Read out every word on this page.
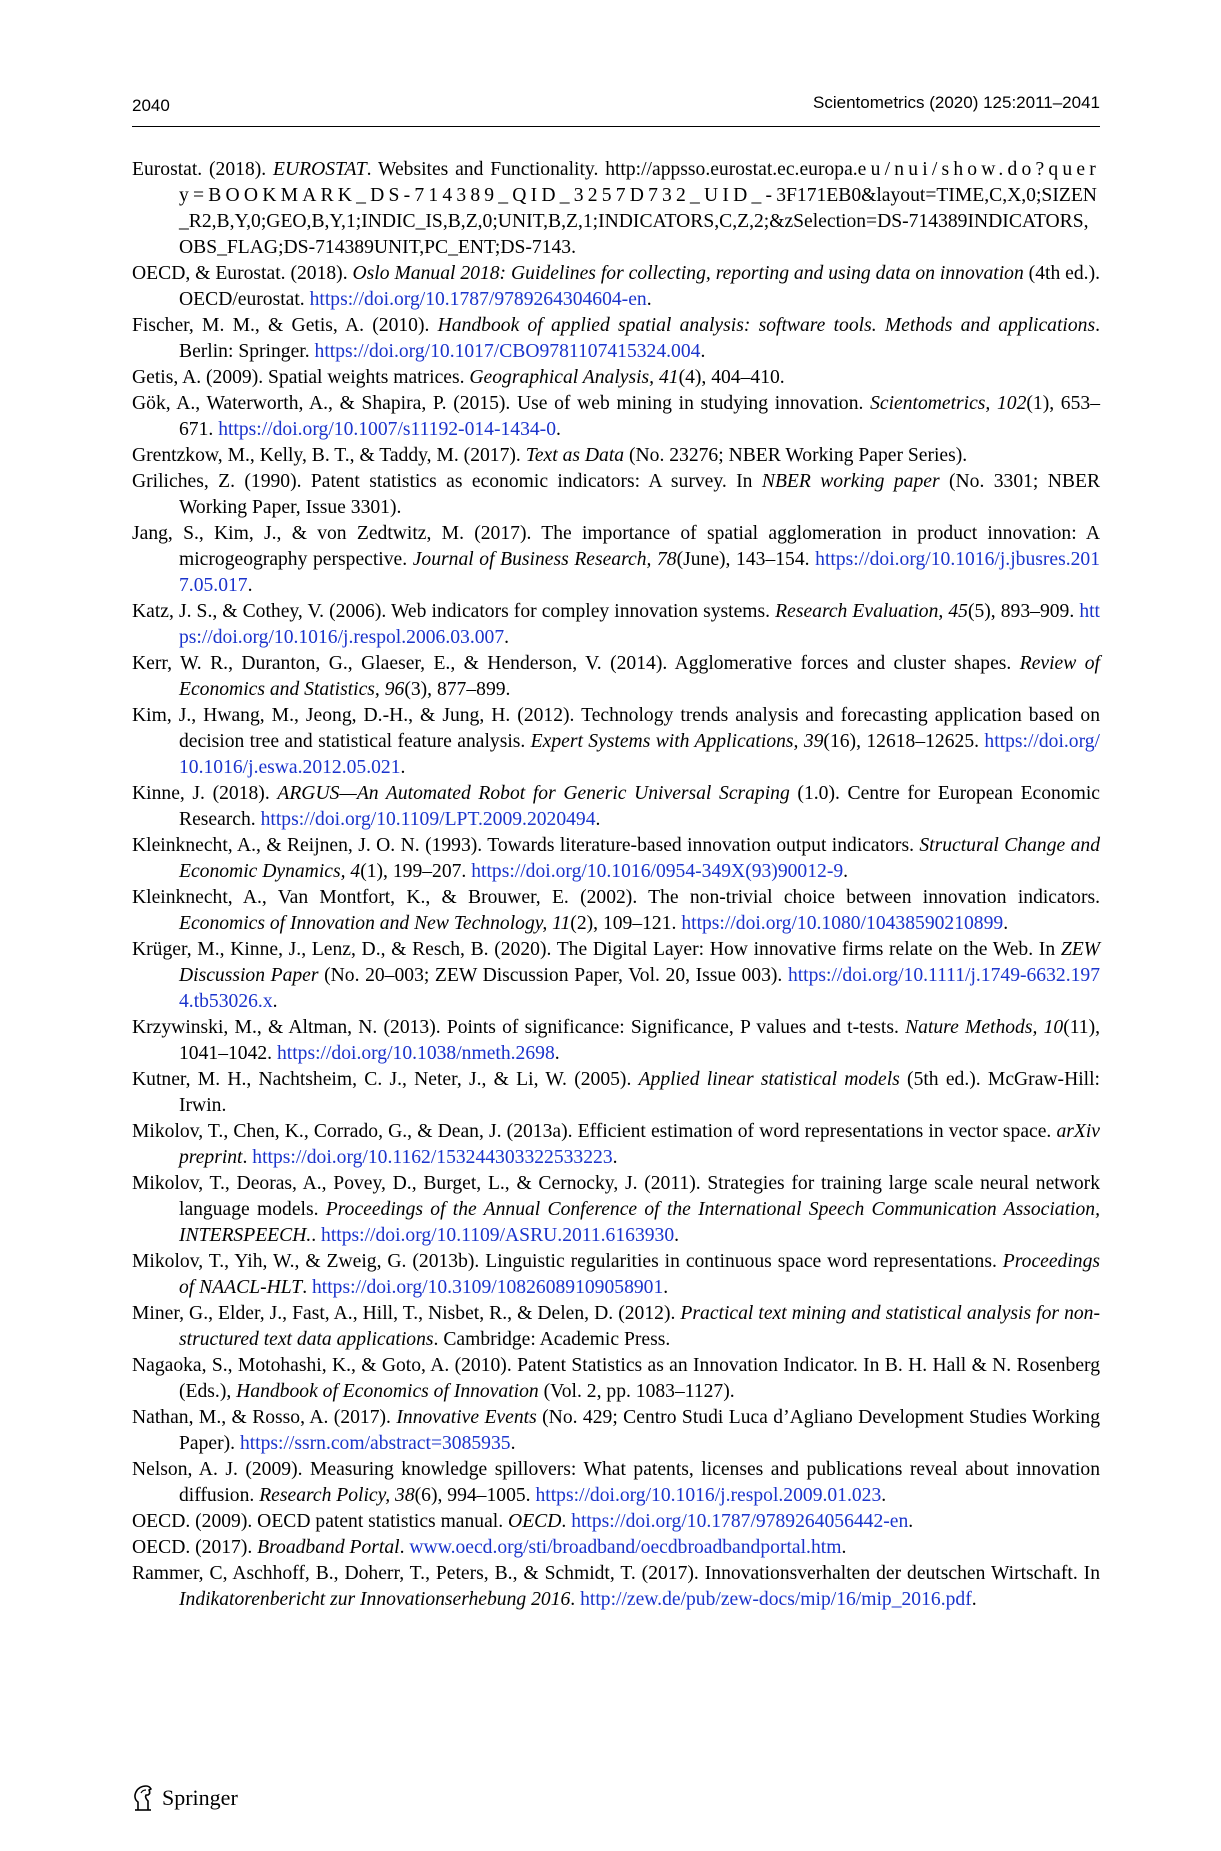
2040	Scientometrics (2020) 125:2011–2041

Eurostat. (2018). EUROSTAT. Websites and Functionality. http://appsso.eurostat.ec.europa.eu/nui/show.do?query=BOOKMARK_DS-714389_QID_3257D732_UID_-3F171EB0&layout=TIME,C,X,0;SIZEN_R2,B,Y,0;GEO,B,Y,1;INDIC_IS,B,Z,0;UNIT,B,Z,1;INDICATORS,C,Z,2;&zSelection=DS-714389INDICATORS,OBS_FLAG;DS-714389UNIT,PC_ENT;DS-7143.

OECD, & Eurostat. (2018). Oslo Manual 2018: Guidelines for collecting, reporting and using data on innovation (4th ed.). OECD/eurostat. https://doi.org/10.1787/9789264304604-en.

Fischer, M. M., & Getis, A. (2010). Handbook of applied spatial analysis: software tools. Methods and applications. Berlin: Springer. https://doi.org/10.1017/CBO9781107415324.004.

Getis, A. (2009). Spatial weights matrices. Geographical Analysis, 41(4), 404–410.

Gök, A., Waterworth, A., & Shapira, P. (2015). Use of web mining in studying innovation. Scientometrics, 102(1), 653–671. https://doi.org/10.1007/s11192-014-1434-0.

Grentzkow, M., Kelly, B. T., & Taddy, M. (2017). Text as Data (No. 23276; NBER Working Paper Series).

Griliches, Z. (1990). Patent statistics as economic indicators: A survey. In NBER working paper (No. 3301; NBER Working Paper, Issue 3301).

Jang, S., Kim, J., & von Zedtwitz, M. (2017). The importance of spatial agglomeration in product innovation: A microgeography perspective. Journal of Business Research, 78(June), 143–154. https://doi.org/10.1016/j.jbusres.2017.05.017.

Katz, J. S., & Cothey, V. (2006). Web indicators for compley innovation systems. Research Evaluation, 45(5), 893–909. https://doi.org/10.1016/j.respol.2006.03.007.

Kerr, W. R., Duranton, G., Glaeser, E., & Henderson, V. (2014). Agglomerative forces and cluster shapes. Review of Economics and Statistics, 96(3), 877–899.

Kim, J., Hwang, M., Jeong, D.-H., & Jung, H. (2012). Technology trends analysis and forecasting application based on decision tree and statistical feature analysis. Expert Systems with Applications, 39(16), 12618–12625. https://doi.org/10.1016/j.eswa.2012.05.021.

Kinne, J. (2018). ARGUS—An Automated Robot for Generic Universal Scraping (1.0). Centre for European Economic Research. https://doi.org/10.1109/LPT.2009.2020494.

Kleinknecht, A., & Reijnen, J. O. N. (1993). Towards literature-based innovation output indicators. Structural Change and Economic Dynamics, 4(1), 199–207. https://doi.org/10.1016/0954-349X(93)90012-9.

Kleinknecht, A., Van Montfort, K., & Brouwer, E. (2002). The non-trivial choice between innovation indicators. Economics of Innovation and New Technology, 11(2), 109–121. https://doi.org/10.1080/10438590210899.

Krüger, M., Kinne, J., Lenz, D., & Resch, B. (2020). The Digital Layer: How innovative firms relate on the Web. In ZEW Discussion Paper (No. 20–003; ZEW Discussion Paper, Vol. 20, Issue 003). https://doi.org/10.1111/j.1749-6632.1974.tb53026.x.

Krzywinski, M., & Altman, N. (2013). Points of significance: Significance, P values and t-tests. Nature Methods, 10(11), 1041–1042. https://doi.org/10.1038/nmeth.2698.

Kutner, M. H., Nachtsheim, C. J., Neter, J., & Li, W. (2005). Applied linear statistical models (5th ed.). McGraw-Hill: Irwin.

Mikolov, T., Chen, K., Corrado, G., & Dean, J. (2013a). Efficient estimation of word representations in vector space. arXiv preprint. https://doi.org/10.1162/153244303322533223.

Mikolov, T., Deoras, A., Povey, D., Burget, L., & Cernocky, J. (2011). Strategies for training large scale neural network language models. Proceedings of the Annual Conference of the International Speech Communication Association, INTERSPEECH.. https://doi.org/10.1109/ASRU.2011.6163930.

Mikolov, T., Yih, W., & Zweig, G. (2013b). Linguistic regularities in continuous space word representations. Proceedings of NAACL-HLT. https://doi.org/10.3109/10826089109058901.

Miner, G., Elder, J., Fast, A., Hill, T., Nisbet, R., & Delen, D. (2012). Practical text mining and statistical analysis for non-structured text data applications. Cambridge: Academic Press.

Nagaoka, S., Motohashi, K., & Goto, A. (2010). Patent Statistics as an Innovation Indicator. In B. H. Hall & N. Rosenberg (Eds.), Handbook of Economics of Innovation (Vol. 2, pp. 1083–1127).

Nathan, M., & Rosso, A. (2017). Innovative Events (No. 429; Centro Studi Luca d’Agliano Development Studies Working Paper). https://ssrn.com/abstract=3085935.

Nelson, A. J. (2009). Measuring knowledge spillovers: What patents, licenses and publications reveal about innovation diffusion. Research Policy, 38(6), 994–1005. https://doi.org/10.1016/j.respol.2009.01.023.

OECD. (2009). OECD patent statistics manual. OECD. https://doi.org/10.1787/9789264056442-en.

OECD. (2017). Broadband Portal. www.oecd.org/sti/broadband/oecdbroadbandportal.htm.

Rammer, C, Aschhoff, B., Doherr, T., Peters, B., & Schmidt, T. (2017). Innovationsverhalten der deutschen Wirtschaft. In Indikatorenbericht zur Innovationserhebung 2016. http://zew.de/pub/zew-docs/mip/16/mip_2016.pdf.

Springer
